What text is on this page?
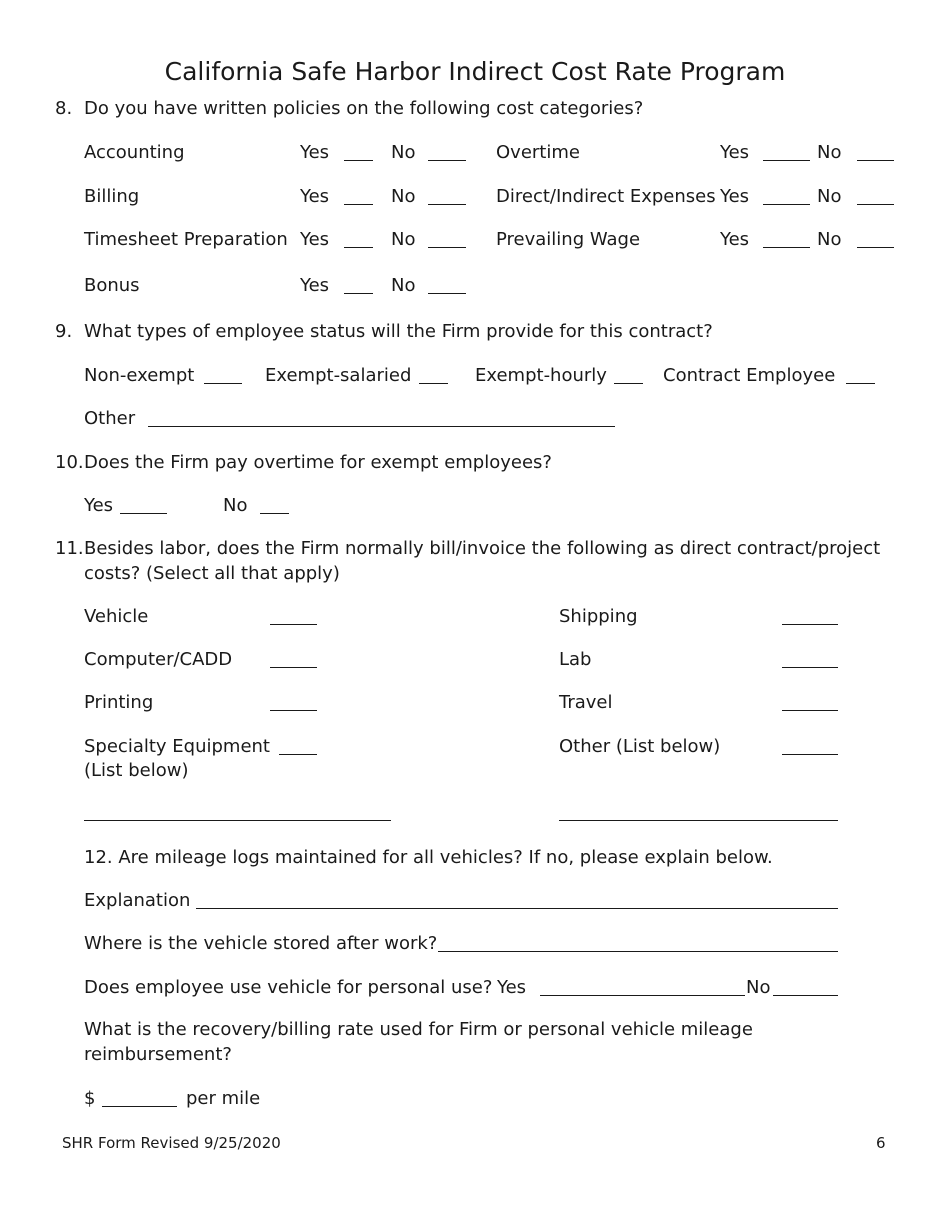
California Safe Harbor Indirect Cost Rate Program
8. Do you have written policies on the following cost categories?
Accounting	Yes	No	Overtime	Yes	No
Billing	Yes	No	Direct/Indirect Expenses Yes	No
Timesheet Preparation Yes	No	Prevailing Wage	Yes	No
Bonus	Yes	No
9. What types of employee status will the Firm provide for this contract?
Non-exempt	Exempt-salaried	Exempt-hourly	Contract Employee
Other
10. Does the Firm pay overtime for exempt employees?
Yes	No
11. Besides labor, does the Firm normally bill/invoice the following as direct contract/project
costs? (Select all that apply)
Vehicle
Computer/CADD
Printing
Specialty Equipment
(List below)
Shipping
Lab
Travel
Other (List below)
12. Are mileage logs maintained for all vehicles? If no, please explain below.
Explanation
Where is the vehicle stored after work?
Does employee use vehicle for personal use? Yes	No
What is the recovery/billing rate used for Firm or personal vehicle mileage
reimbursement?
$	per mile
SHR Form Revised 9/25/2020	6
